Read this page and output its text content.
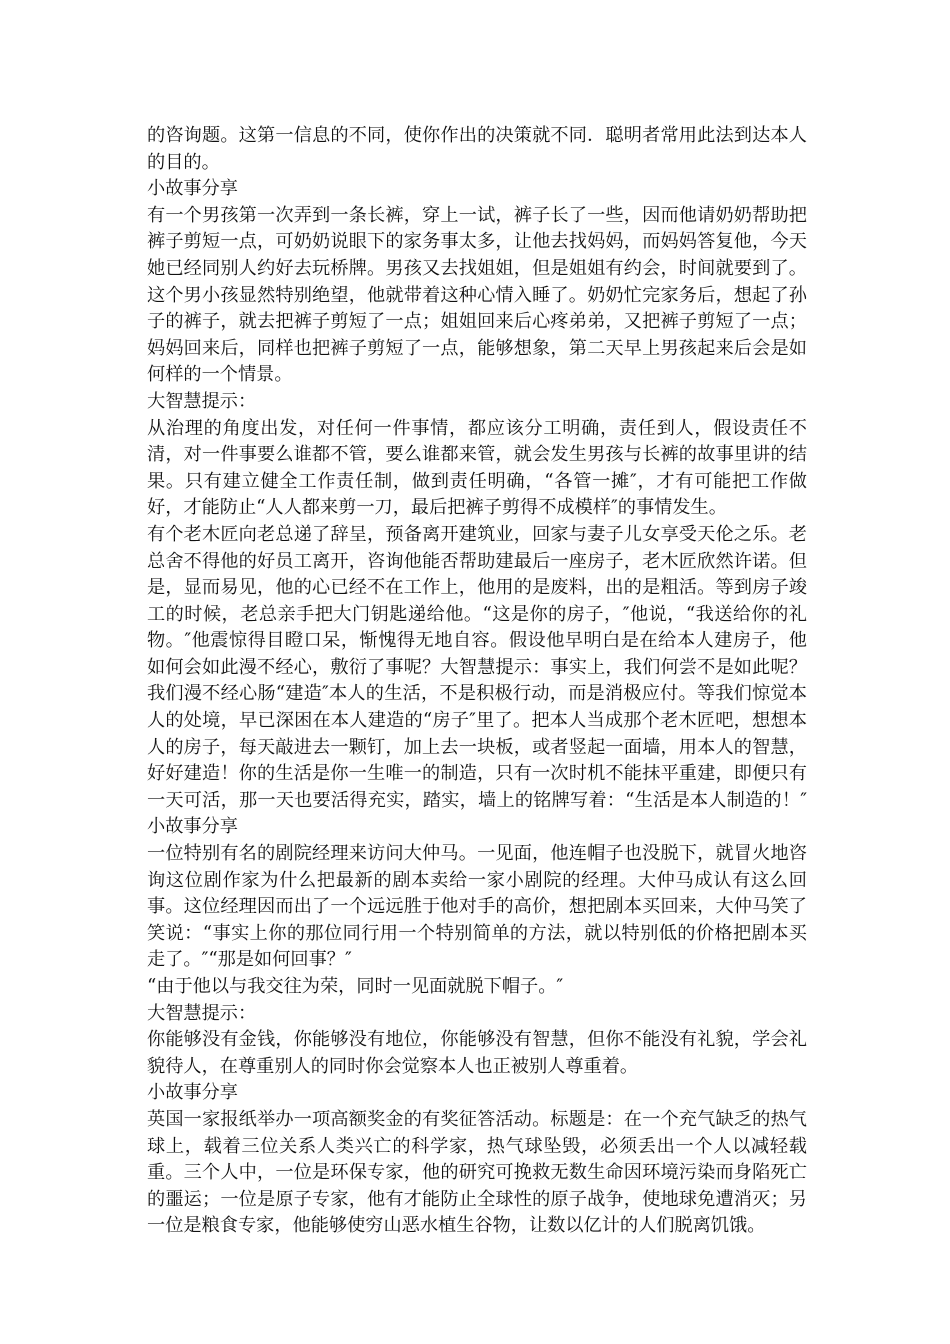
的咨询题。这第一信息的不同，使你作出的决策就不同．聪明者常用此法到达本人的目的。

小故事分享

有一个男孩第一次弄到一条长裤，穿上一试，裤子长了一些，因而他请奶奶帮助把裤子剪短一点，可奶奶说眼下的家务事太多，让他去找妈妈，而妈妈答复他，今天她已经同别人约好去玩桥牌。男孩又去找姐姐，但是姐姐有约会，时间就要到了。这个男小孩显然特别绝望，他就带着这种心情入睡了。奶奶忙完家务后，想起了孙子的裤子，就去把裤子剪短了一点；姐姐回来后心疼弟弟，又把裤子剪短了一点；妈妈回来后，同样也把裤子剪短了一点，能够想象，第二天早上男孩起来后会是如何样的一个情景。

大智慧提示：

从治理的角度出发，对任何一件事情，都应该分工明确，责任到人，假设责任不清，对一件事要么谁都不管，要么谁都来管，就会发生男孩与长裤的故事里讲的结果。只有建立健全工作责任制，做到责任明确，“各管一摊″，才有可能把工作做好，才能防止“人人都来剪一刀，最后把裤子剪得不成模样″的事情发生。

有个老木匠向老总递了辞呈，预备离开建筑业，回家与妻子儿女享受天伦之乐。老总舍不得他的好员工离开，咨询他能否帮助建最后一座房子，老木匠欣然许诺。但是，显而易见，他的心已经不在工作上，他用的是废料，出的是粗活。等到房子竣工的时候，老总亲手把大门钥匙递给他。“这是你的房子，″他说，“我送给你的礼物。″他震惊得目瞪口呆，惭愧得无地自容。假设他早明白是在给本人建房子，他如何会如此漫不经心，敷衍了事呢？大智慧提示：事实上，我们何尝不是如此呢？我们漫不经心肠“建造″本人的生活，不是积极行动，而是消极应付。等我们惊觉本人的处境，早已深困在本人建造的“房子″里了。把本人当成那个老木匠吧，想想本人的房子，每天敲进去一颗钉，加上去一块板，或者竖起一面墙，用本人的智慧，好好建造！你的生活是你一生唯一的制造，只有一次时机不能抹平重建，即便只有一天可活，那一天也要活得充实，踏实，墙上的铭牌写着：“生活是本人制造的！″小故事分享

一位特别有名的剧院经理来访问大仲马。一见面，他连帽子也没脱下，就冒火地咨询这位剧作家为什么把最新的剧本卖给一家小剧院的经理。大仲马成认有这么回事。这位经理因而出了一个远远胜于他对手的高价，想把剧本买回来，大仲马笑了笑说：“事实上你的那位同行用一个特别简单的方法，就以特别低的价格把剧本买走了。″“那是如何回事？″

“由于他以与我交往为荣，同时一见面就脱下帽子。″

大智慧提示：

你能够没有金钱，你能够没有地位，你能够没有智慧，但你不能没有礼貌，学会礼貌待人，在尊重别人的同时你会觉察本人也正被别人尊重着。

小故事分享

英国一家报纸举办一项高额奖金的有奖征答活动。标题是：在一个充气缺乏的热气球上，载着三位关系人类兴亡的科学家，热气球坠毁，必须丢出一个人以减轻载重。三个人中，一位是环保专家，他的研究可挽救无数生命因环境污染而身陷死亡的噩运；一位是原子专家，他有才能防止全球性的原子战争，使地球免遭消灭；另一位是粮食专家，他能够使穷山恶水植生谷物，让数以亿计的人们脱离饥饿。
